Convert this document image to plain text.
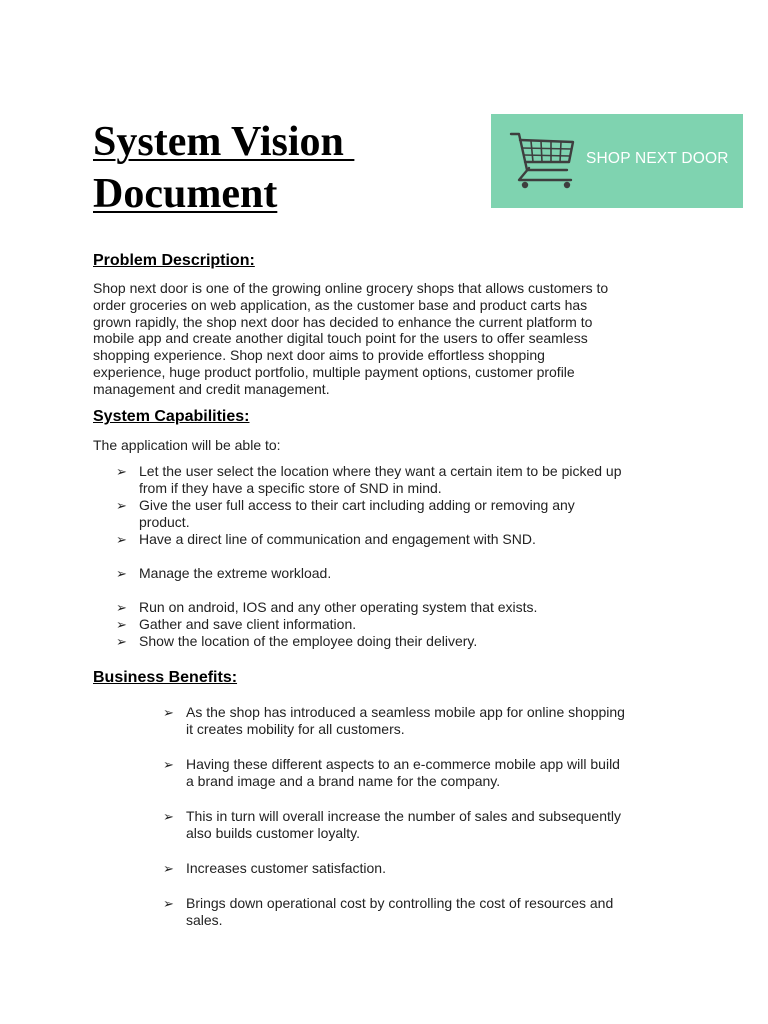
System Vision
Document
SHOP NEXT DOOR
Problem Description:
Shop next door is one of the growing online grocery shops that allows customers to
order groceries on web application, as the customer base and product carts has
grown rapidly, the shop next door has decided to enhance the current platform to
mobile app and create another digital touch point for the users to offer seamless
shopping experience. Shop next door aims to provide effortless shopping
experience, huge product portfolio, multiple payment options, customer profile
management and credit management.
System Capabilities:
The application will be able to:
➢ Let the user select the location where they want a certain item to be picked up
from if they have a specific store of SND in mind.
➢ Give the user full access to their cart including adding or removing any
product.
➢ Have a direct line of communication and engagement with SND.
➢ Manage the extreme workload.
➢ Run on android, IOS and any other operating system that exists.
➢ Gather and save client information.
➢ Show the location of the employee doing their delivery.
Business Benefits:
➢ As the shop has introduced a seamless mobile app for online shopping
it creates mobility for all customers.
➢ Having these different aspects to an e-commerce mobile app will build
a brand image and a brand name for the company.
➢ This in turn will overall increase the number of sales and subsequently
also builds customer loyalty.
➢ Increases customer satisfaction.
➢ Brings down operational cost by controlling the cost of resources and
sales.
